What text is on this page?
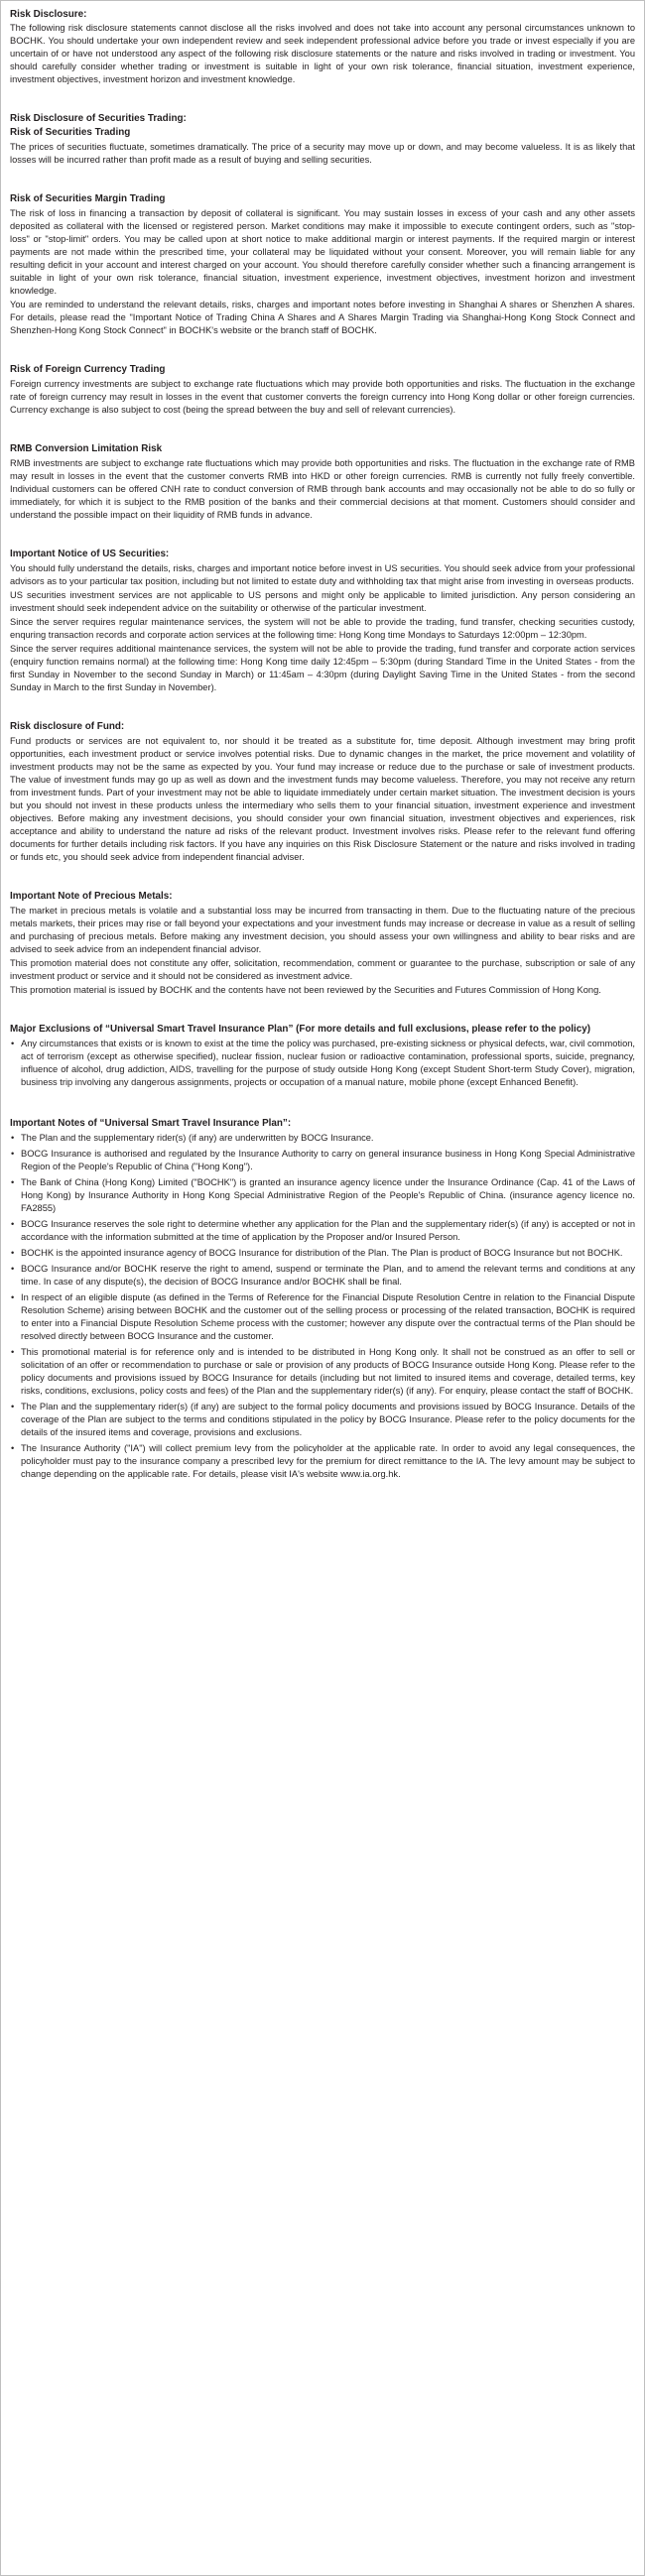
Risk Disclosure:

The following risk disclosure statements cannot disclose all the risks involved and does not take into account any personal circumstances unknown to BOCHK. You should undertake your own independent review and seek independent professional advice before you trade or invest especially if you are uncertain of or have not understood any aspect of the following risk disclosure statements or the nature and risks involved in trading or investment. You should carefully consider whether trading or investment is suitable in light of your own risk tolerance, financial situation, investment experience, investment objectives, investment horizon and investment knowledge.

Risk Disclosure of Securities Trading:
Risk of Securities Trading

The prices of securities fluctuate, sometimes dramatically. The price of a security may move up or down, and may become valueless. It is as likely that losses will be incurred rather than profit made as a result of buying and selling securities.

Risk of Securities Margin Trading

The risk of loss in financing a transaction by deposit of collateral is significant. You may sustain losses in excess of your cash and any other assets deposited as collateral with the licensed or registered person. Market conditions may make it impossible to execute contingent orders, such as "stop-loss" or "stop-limit" orders. You may be called upon at short notice to make additional margin or interest payments. If the required margin or interest payments are not made within the prescribed time, your collateral may be liquidated without your consent. Moreover, you will remain liable for any resulting deficit in your account and interest charged on your account. You should therefore carefully consider whether such a financing arrangement is suitable in light of your own risk tolerance, financial situation, investment experience, investment objectives, investment horizon and investment knowledge.

You are reminded to understand the relevant details, risks, charges and important notes before investing in Shanghai A shares or Shenzhen A shares. For details, please read the "Important Notice of Trading China A Shares and A Shares Margin Trading via Shanghai-Hong Kong Stock Connect and Shenzhen-Hong Kong Stock Connect" in BOCHK's website or the branch staff of BOCHK.

Risk of Foreign Currency Trading

Foreign currency investments are subject to exchange rate fluctuations which may provide both opportunities and risks. The fluctuation in the exchange rate of foreign currency may result in losses in the event that customer converts the foreign currency into Hong Kong dollar or other foreign currencies. Currency exchange is also subject to cost (being the spread between the buy and sell of relevant currencies).

RMB Conversion Limitation Risk

RMB investments are subject to exchange rate fluctuations which may provide both opportunities and risks. The fluctuation in the exchange rate of RMB may result in losses in the event that the customer converts RMB into HKD or other foreign currencies. RMB is currently not fully freely convertible. Individual customers can be offered CNH rate to conduct conversion of RMB through bank accounts and may occasionally not be able to do so fully or immediately, for which it is subject to the RMB position of the banks and their commercial decisions at that moment. Customers should consider and understand the possible impact on their liquidity of RMB funds in advance.

Important Notice of US Securities:

You should fully understand the details, risks, charges and important notice before invest in US securities. You should seek advice from your professional advisors as to your particular tax position, including but not limited to estate duty and withholding tax that might arise from investing in overseas products.

US securities investment services are not applicable to US persons and might only be applicable to limited jurisdiction. Any person considering an investment should seek independent advice on the suitability or otherwise of the particular investment.

Since the server requires regular maintenance services, the system will not be able to provide the trading, fund transfer, checking securities custody, enquring transaction records and corporate action services at the following time: Hong Kong time Mondays to Saturdays 12:00pm – 12:30pm.

Since the server requires additional maintenance services, the system will not be able to provide the trading, fund transfer and corporate action services (enquiry function remains normal) at the following time: Hong Kong time daily 12:45pm – 5:30pm (during Standard Time in the United States - from the first Sunday in November to the second Sunday in March) or 11:45am – 4:30pm (during Daylight Saving Time in the United States - from the second Sunday in March to the first Sunday in November).

Risk disclosure of Fund:

Fund products or services are not equivalent to, nor should it be treated as a substitute for, time deposit. Although investment may bring profit opportunities, each investment product or service involves potential risks. Due to dynamic changes in the market, the price movement and volatility of investment products may not be the same as expected by you. Your fund may increase or reduce due to the purchase or sale of investment products. The value of investment funds may go up as well as down and the investment funds may become valueless. Therefore, you may not receive any return from investment funds. Part of your investment may not be able to liquidate immediately under certain market situation. The investment decision is yours but you should not invest in these products unless the intermediary who sells them to your financial situation, investment experience and investment objectives. Before making any investment decisions, you should consider your own financial situation, investment objectives and experiences, risk acceptance and ability to understand the nature ad risks of the relevant product. Investment involves risks. Please refer to the relevant fund offering documents for further details including risk factors. If you have any inquiries on this Risk Disclosure Statement or the nature and risks involved in trading or funds etc, you should seek advice from independent financial adviser.

Important Note of Precious Metals:

The market in precious metals is volatile and a substantial loss may be incurred from transacting in them. Due to the fluctuating nature of the precious metals markets, their prices may rise or fall beyond your expectations and your investment funds may increase or decrease in value as a result of selling and purchasing of precious metals. Before making any investment decision, you should assess your own willingness and ability to bear risks and are advised to seek advice from an independent financial advisor.

This promotion material does not constitute any offer, solicitation, recommendation, comment or guarantee to the purchase, subscription or sale of any investment product or service and it should not be considered as investment advice.

This promotion material is issued by BOCHK and the contents have not been reviewed by the Securities and Futures Commission of Hong Kong.

Major Exclusions of “Universal Smart Travel Insurance Plan” (For more details and full exclusions, please refer to the policy)
• Any circumstances that exists or is known to exist at the time the policy was purchased, pre-existing sickness or physical defects, war, civil commotion, act of terrorism (except as otherwise specified), nuclear fission, nuclear fusion or radioactive contamination, professional sports, suicide, pregnancy, influence of alcohol, drug addiction, AIDS, travelling for the purpose of study outside Hong Kong (except Student Short-term Study Cover), migration, business trip involving any dangerous assignments, projects or occupation of a manual nature, mobile phone (except Enhanced Benefit).
Important Notes of “Universal Smart Travel Insurance Plan”:
• The Plan and the supplementary rider(s) (if any) are underwritten by BOCG Insurance.
• BOCG Insurance is authorised and regulated by the Insurance Authority to carry on general insurance business in Hong Kong Special Administrative Region of the People's Republic of China ("Hong Kong").
• The Bank of China (Hong Kong) Limited ("BOCHK") is granted an insurance agency licence under the Insurance Ordinance (Cap. 41 of the Laws of Hong Kong) by Insurance Authority in Hong Kong Special Administrative Region of the People's Republic of China. (insurance agency licence no. FA2855)
• BOCG Insurance reserves the sole right to determine whether any application for the Plan and the supplementary rider(s) (if any) is accepted or not in accordance with the information submitted at the time of application by the Proposer and/or Insured Person.
• BOCHK is the appointed insurance agency of BOCG Insurance for distribution of the Plan. The Plan is product of BOCG Insurance but not BOCHK.
• BOCG Insurance and/or BOCHK reserve the right to amend, suspend or terminate the Plan, and to amend the relevant terms and conditions at any time. In case of any dispute(s), the decision of BOCG Insurance and/or BOCHK shall be final.
• In respect of an eligible dispute (as defined in the Terms of Reference for the Financial Dispute Resolution Centre in relation to the Financial Dispute Resolution Scheme) arising between BOCHK and the customer out of the selling process or processing of the related transaction, BOCHK is required to enter into a Financial Dispute Resolution Scheme process with the customer; however any dispute over the contractual terms of the Plan should be resolved directly between BOCG Insurance and the customer.
• This promotional material is for reference only and is intended to be distributed in Hong Kong only. It shall not be construed as an offer to sell or solicitation of an offer or recommendation to purchase or sale or provision of any products of BOCG Insurance outside Hong Kong. Please refer to the policy documents and provisions issued by BOCG Insurance for details (including but not limited to insured items and coverage, detailed terms, key risks, conditions, exclusions, policy costs and fees) of the Plan and the supplementary rider(s) (if any). For enquiry, please contact the staff of BOCHK.
• The Plan and the supplementary rider(s) (if any) are subject to the formal policy documents and provisions issued by BOCG Insurance. Details of the coverage of the Plan are subject to the terms and conditions stipulated in the policy by BOCG Insurance. Please refer to the policy documents for the details of the insured items and coverage, provisions and exclusions.
• The Insurance Authority ("IA") will collect premium levy from the policyholder at the applicable rate. In order to avoid any legal consequences, the policyholder must pay to the insurance company a prescribed levy for the premium for direct remittance to the IA. The levy amount may be subject to change depending on the applicable rate. For details, please visit IA's website www.ia.org.hk.
